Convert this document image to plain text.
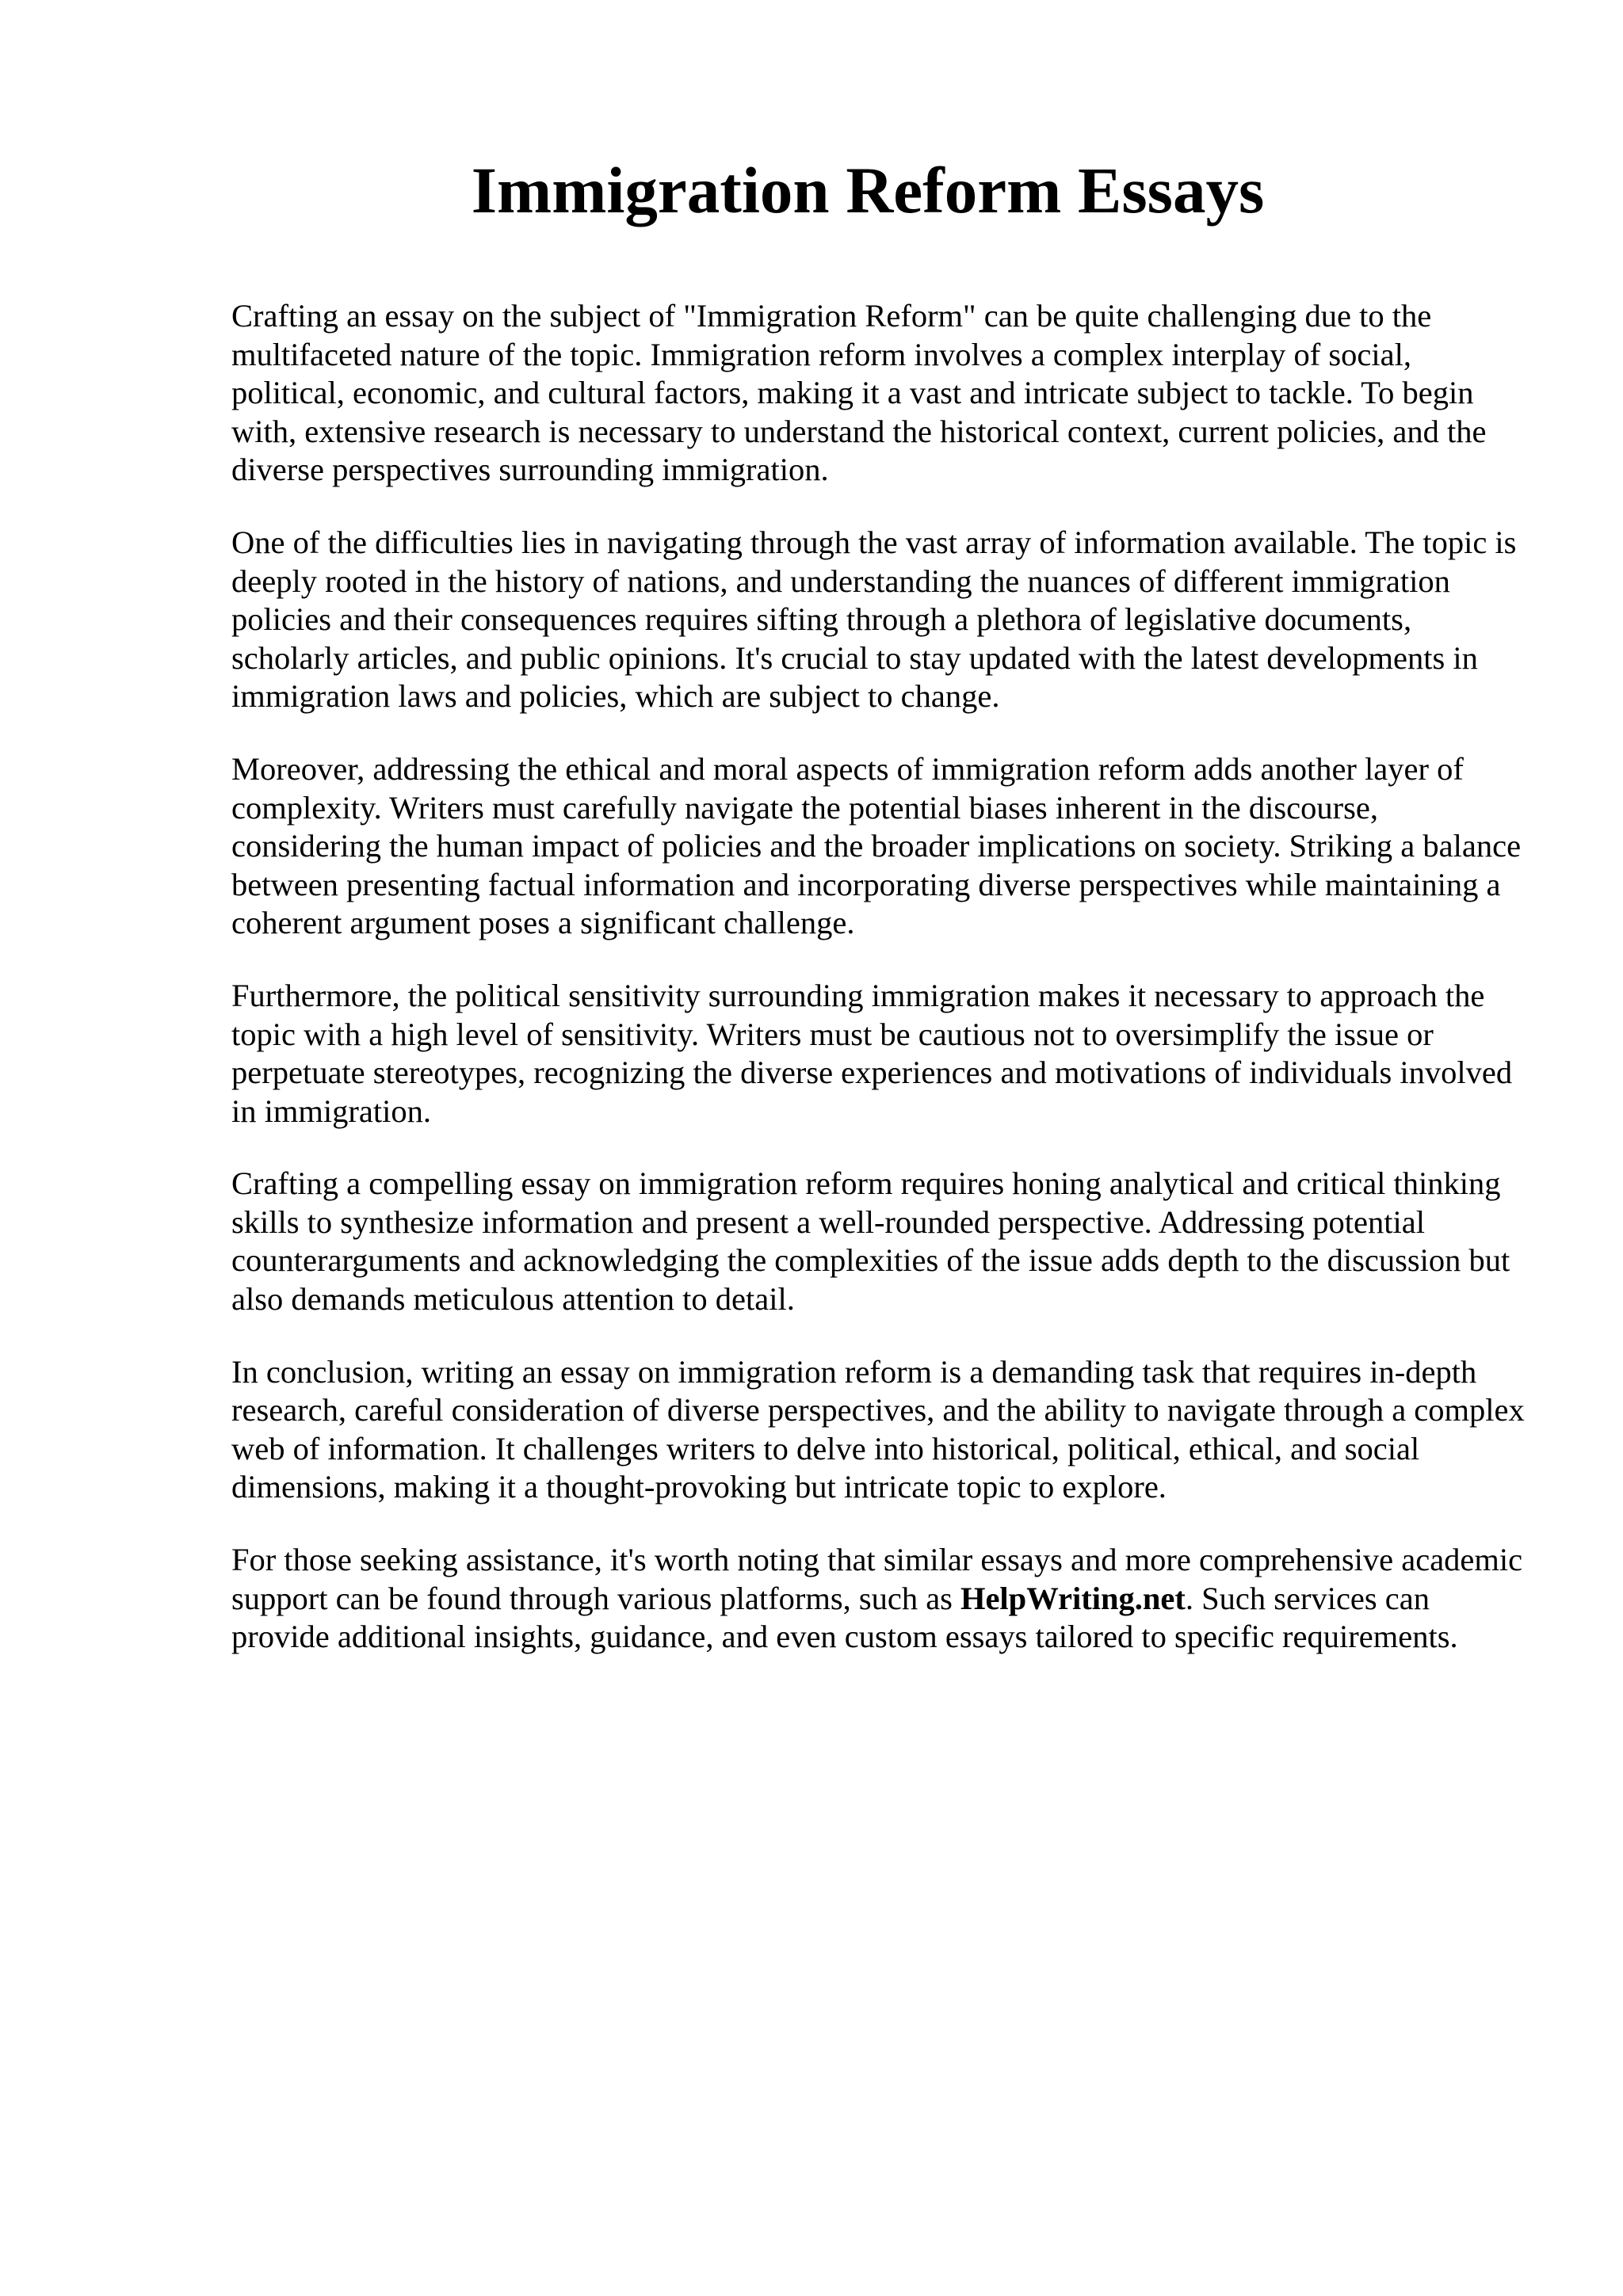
Immigration Reform Essays

Crafting an essay on the subject of "Immigration Reform" can be quite challenging due to the multifaceted nature of the topic. Immigration reform involves a complex interplay of social, political, economic, and cultural factors, making it a vast and intricate subject to tackle. To begin with, extensive research is necessary to understand the historical context, current policies, and the diverse perspectives surrounding immigration.

One of the difficulties lies in navigating through the vast array of information available. The topic is deeply rooted in the history of nations, and understanding the nuances of different immigration policies and their consequences requires sifting through a plethora of legislative documents, scholarly articles, and public opinions. It's crucial to stay updated with the latest developments in immigration laws and policies, which are subject to change.

Moreover, addressing the ethical and moral aspects of immigration reform adds another layer of complexity. Writers must carefully navigate the potential biases inherent in the discourse, considering the human impact of policies and the broader implications on society. Striking a balance between presenting factual information and incorporating diverse perspectives while maintaining a coherent argument poses a significant challenge.

Furthermore, the political sensitivity surrounding immigration makes it necessary to approach the topic with a high level of sensitivity. Writers must be cautious not to oversimplify the issue or perpetuate stereotypes, recognizing the diverse experiences and motivations of individuals involved in immigration.

Crafting a compelling essay on immigration reform requires honing analytical and critical thinking skills to synthesize information and present a well-rounded perspective. Addressing potential counterarguments and acknowledging the complexities of the issue adds depth to the discussion but also demands meticulous attention to detail.

In conclusion, writing an essay on immigration reform is a demanding task that requires in-depth research, careful consideration of diverse perspectives, and the ability to navigate through a complex web of information. It challenges writers to delve into historical, political, ethical, and social dimensions, making it a thought-provoking but intricate topic to explore.

For those seeking assistance, it's worth noting that similar essays and more comprehensive academic support can be found through various platforms, such as HelpWriting.net. Such services can provide additional insights, guidance, and even custom essays tailored to specific requirements.
